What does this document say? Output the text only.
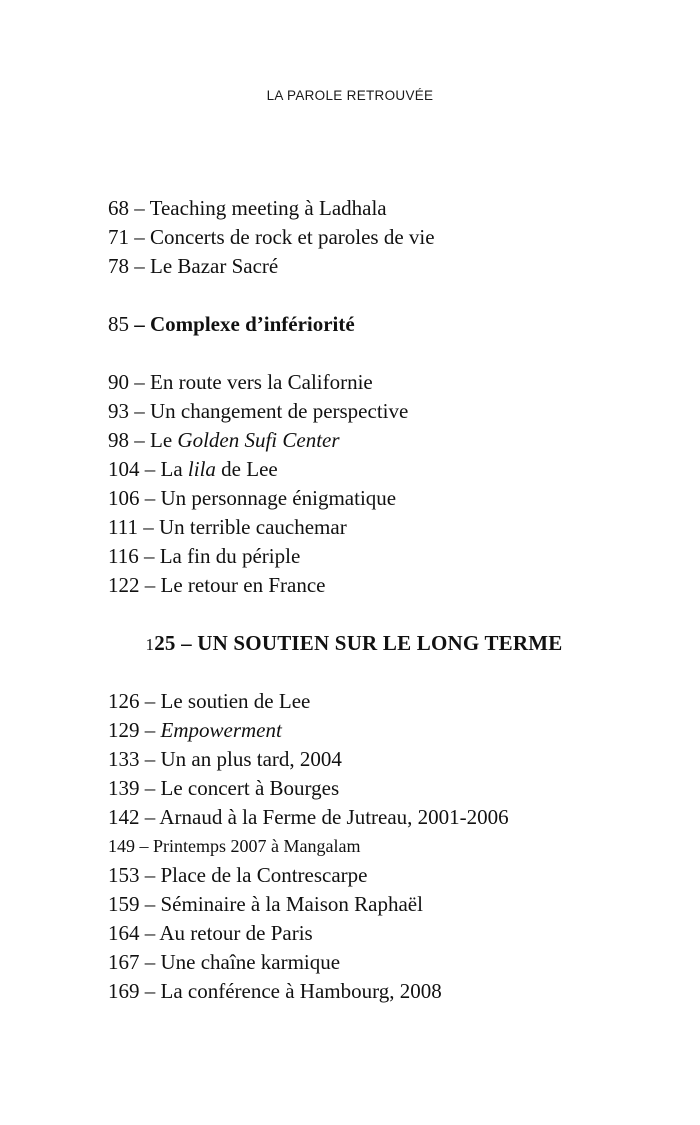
LA PAROLE RETROUVÉE
68 – Teaching meeting à Ladhala
71 – Concerts de rock et paroles de vie
78 – Le Bazar Sacré
85 – Complexe d’infériorité
90 – En route vers la Californie
93 – Un changement de perspective
98 – Le Golden Sufi Center
104 – La lila de Lee
106 – Un personnage énigmatique
111 – Un terrible cauchemar
116 – La fin du périple
122 – Le retour en France
125 – UN SOUTIEN SUR LE LONG TERME
126 – Le soutien de Lee
129 – Empowerment
133 – Un an plus tard, 2004
139 – Le concert à Bourges
142 – Arnaud à la Ferme de Jutreau, 2001-2006
149 – Printemps 2007 à Mangalam
153 – Place de la Contrescarpe
159 – Séminaire à la Maison Raphaël
164 – Au retour de Paris
167 – Une chaîne karmique
169 – La conférence à Hambourg, 2008
